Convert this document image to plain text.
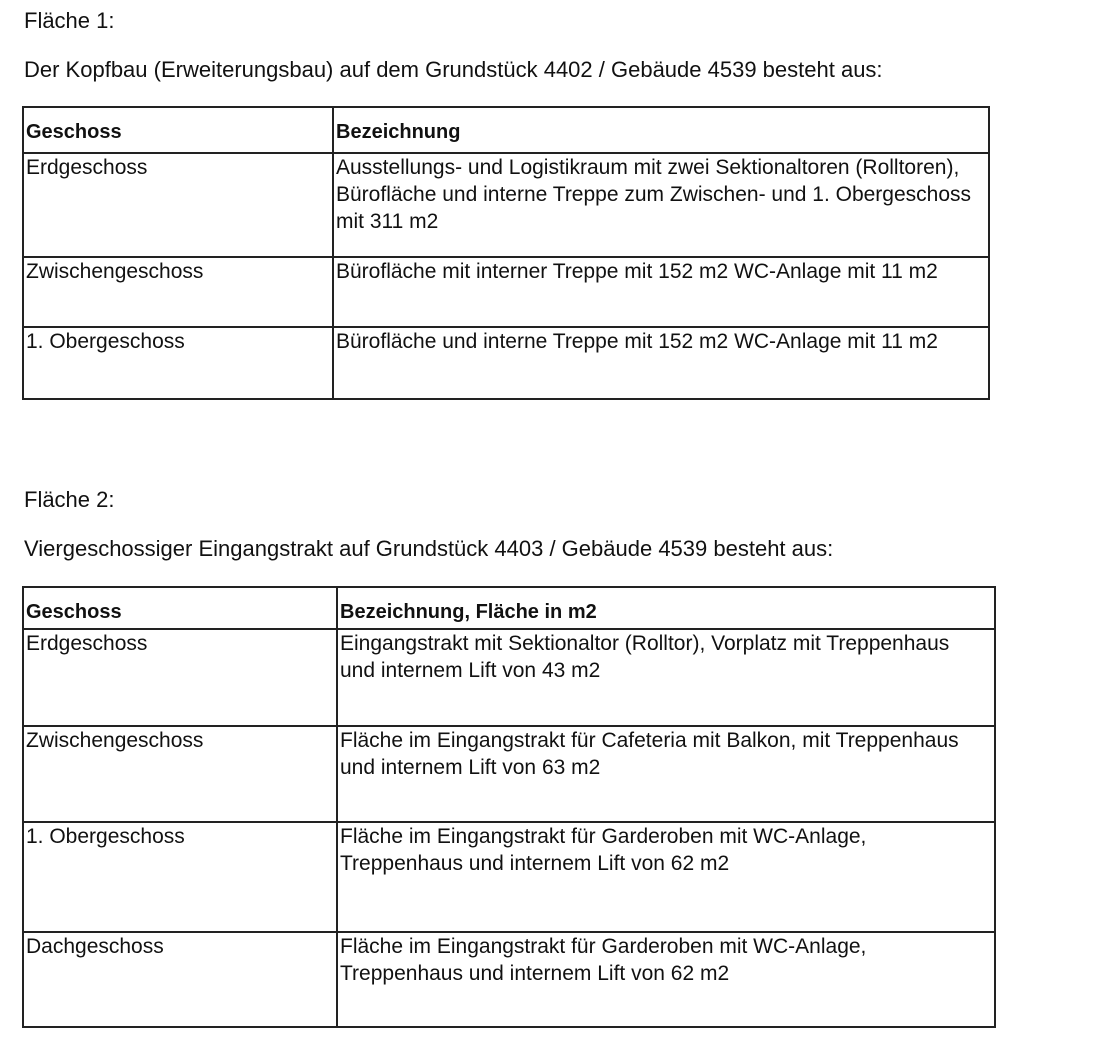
Fläche 1:
Der Kopfbau (Erweiterungsbau) auf dem Grundstück 4402 / Gebäude 4539 besteht aus:
Geschoss	Bezeichnung
Erdgeschoss	Ausstellungs- und Logistikraum mit zwei Sektionaltoren (Rolltoren), Bürofläche und interne Treppe zum Zwischen- und 1. Obergeschoss mit 311 m2
Zwischengeschoss	Bürofläche mit interner Treppe mit 152 m2 WC-Anlage mit 11 m2
1. Obergeschoss	Bürofläche und interne Treppe mit 152 m2 WC-Anlage mit 11 m2
Fläche 2:
Viergeschossiger Eingangstrakt auf Grundstück 4403 / Gebäude 4539 besteht aus:
Geschoss	Bezeichnung, Fläche in m2
Erdgeschoss	Eingangstrakt mit Sektionaltor (Rolltor), Vorplatz mit Treppenhaus und internem Lift von 43 m2
Zwischengeschoss	Fläche im Eingangstrakt für Cafeteria mit Balkon, mit Treppenhaus und internem Lift von 63 m2
1. Obergeschoss	Fläche im Eingangstrakt für Garderoben mit WC-Anlage, Treppenhaus und internem Lift von 62 m2
Dachgeschoss	Fläche im Eingangstrakt für Garderoben mit WC-Anlage, Treppenhaus und internem Lift von 62 m2
